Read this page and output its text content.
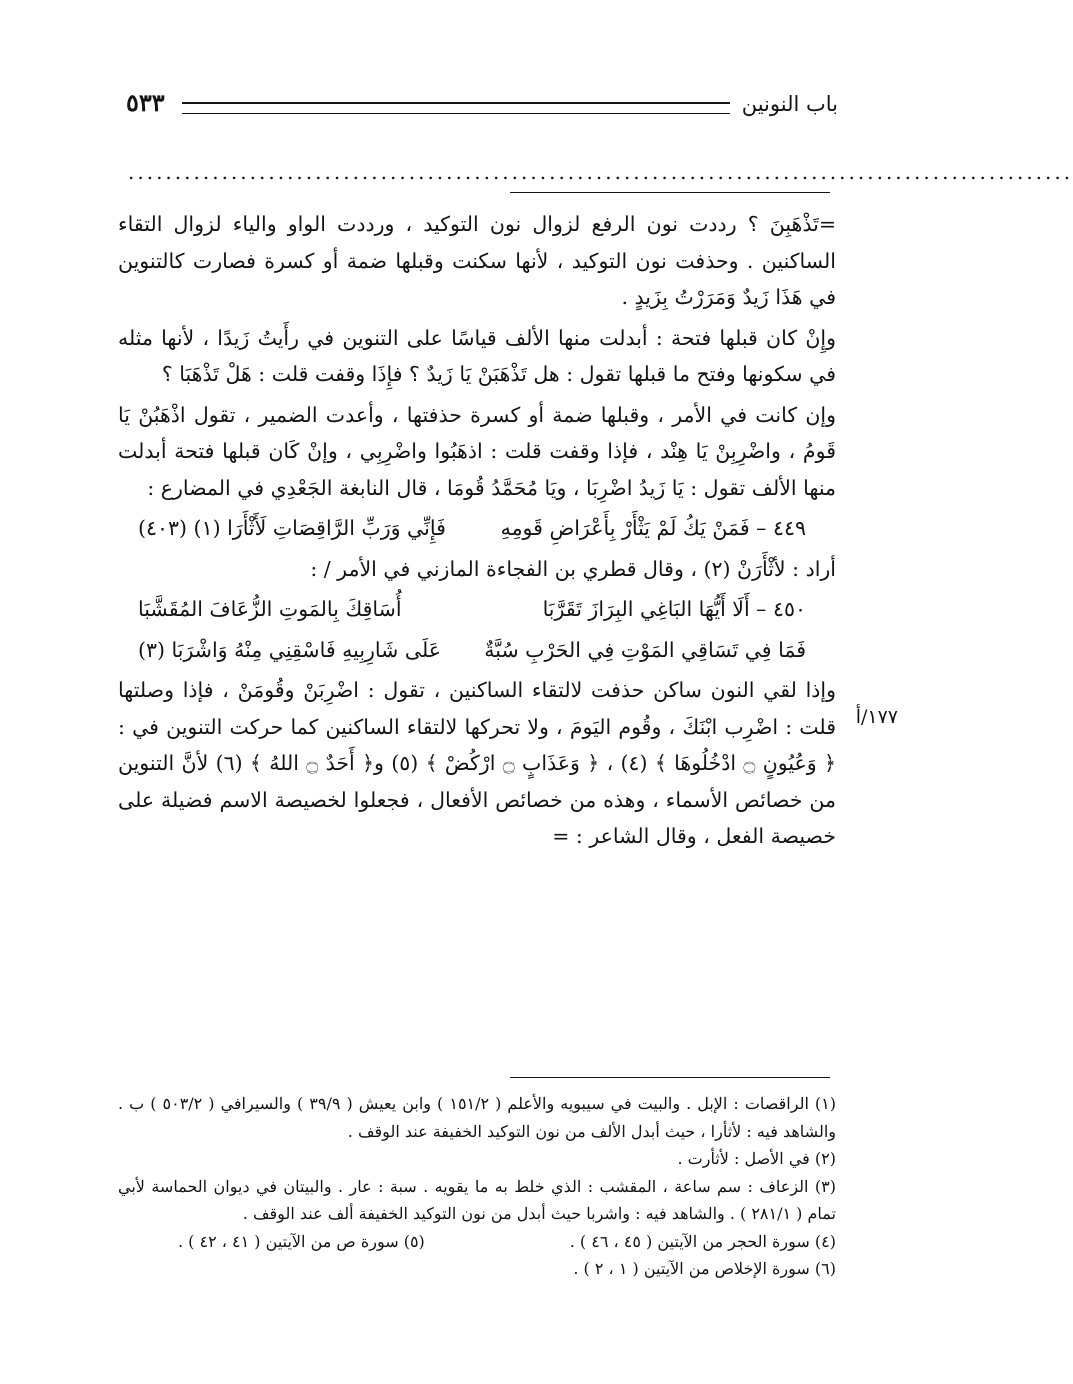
باب النونين
٥٣٣
.....................................................................................................
١٧٧/أ

=تَذْهَبِنَ ؟ رددت نون الرفع لزوال نون التوكيد ، ورددت الواو والياء لزوال التقاء الساكنين . وحذفت نون التوكيد ، لأنها سكنت وقبلها ضمة أو كسرة فصارت كالتنوين في هَذَا زَيدٌ وَمَرَرْتُ بِزَيدٍ .

وإِنْ كان قبلها فتحة : أبدلت منها الألف قياسًا على التنوين في رأَيتُ زَيدًا ، لأنها مثله في سكونها وفتح ما قبلها تقول : هل تَذْهَبَنْ يَا زَيدٌ ؟ فإِذَا وقفت قلت : هَلْ تَذْهَبَا ؟

وإن كانت في الأمر ، وقبلها ضمة أو كسرة حذفتها ، وأعدت الضمير ، تقول اذْهَبُنْ يَا قَومُ ، واضْرِبِنْ يَا هِنْد ، فإذا وقفت قلت : اذهَبُوا واضْرِبِي ، وإنْ كَان قبلها فتحة أبدلت منها الألف تقول : يَا زَيدُ اضْرِبَا ، ويَا مُحَمَّدُ قُومَا ، قال النابغة الجَعْدِي في المضارع :

٤٤٩ – فَمَنْ يَكُ لَمْ يَثْأَرْ بِأَعْرَاضِ قَومِهِ
فَإِنِّي وَرَبِّ الرَّاقِصَاتِ لَأَثْأَرَا (١) (٤٠٣)

أراد : لأثْأَرَنْ (٢) ، وقال قطري بن الفجاءة المازني في الأمر / :

٤٥٠ – أَلَا أَيُّهَا البَاغِي البِرَازَ تَقَرَّبَا
أُسَاقِكَ بِالمَوتِ الزُّعَافَ المُقَشَّبَا
فَمَا فِي تَسَاقِي المَوْتِ فِي الحَرْبِ سُبَّةٌ
عَلَى شَارِبِيهِ فَاسْقِنِي مِنْهُ وَاشْرَبَا (٣)

وإذا لقي النون ساكن حذفت لالتقاء الساكنين ، تقول : اضْرِبَنْ وقُومَنْ ، فإذا وصلتها قلت : اضْرِب ابْنَكَ ، وقُوم اليَومَ ، ولا تحركها لالتقاء الساكنين كما حركت التنوين في : ﴿ وَعُيُونٍ ۝ ادْخُلُوهَا ﴾ (٤) ، ﴿ وَعَذَابٍ ۝ ارْكُضْ ﴾ (٥) و﴿ أَحَدٌ ۝ اللهُ ﴾ (٦) لأنَّ التنوين من خصائص الأسماء ، وهذه من خصائص الأفعال ، فجعلوا لخصيصة الاسم فضيلة على خصيصة الفعل ، وقال الشاعر : =

(١) الراقصات : الإبل . والبيت في سيبويه والأعلم ( ١٥١/٢ ) وابن يعيش ( ٣٩/٩ ) والسيرافي ( ٥٠٣/٢ ) ب . والشاهد فيه : لأثأرا ، حيث أبدل الألف من نون التوكيد الخفيفة عند الوقف .

(٢) في الأصل : لأثأرت .

(٣) الزعاف : سم ساعة ، المقشب : الذي خلط به ما يقويه . سبة : عار . والبيتان في ديوان الحماسة لأبي تمام ( ٢٨١/١ ) . والشاهد فيه : واشربا حيث أبدل من نون التوكيد الخفيفة ألف عند الوقف .

(٤) سورة الحجر من الآيتين ( ٤٥ ، ٤٦ ) .
(٥) سورة ص من الآيتين ( ٤١ ، ٤٢ ) .

(٦) سورة الإخلاص من الآيتين ( ١ ، ٢ ) .
